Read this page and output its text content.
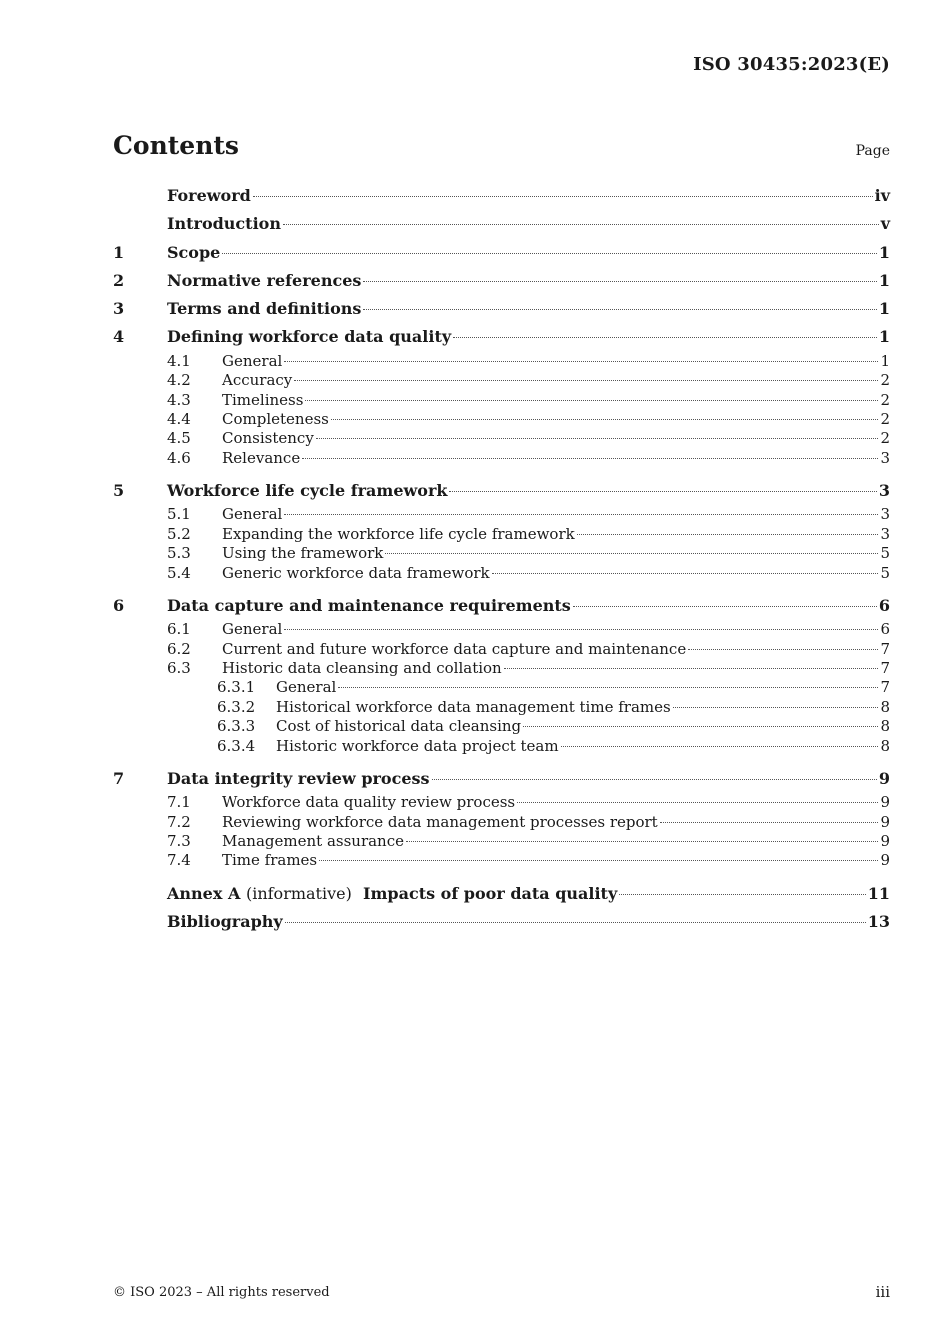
ISO 30435:2023(E)
Contents	Page
Foreword	iv
Introduction	v
1	Scope	1
2	Normative references	1
3	Terms and definitions	1
4	Defining workforce data quality	1
4.1	General	1
4.2	Accuracy	2
4.3	Timeliness	2
4.4	Completeness	2
4.5	Consistency	2
4.6	Relevance	3
5	Workforce life cycle framework	3
5.1	General	3
5.2	Expanding the workforce life cycle framework	3
5.3	Using the framework	5
5.4	Generic workforce data framework	5
6	Data capture and maintenance requirements	6
6.1	General	6
6.2	Current and future workforce data capture and maintenance	7
6.3	Historic data cleansing and collation	7
6.3.1	General	7
6.3.2	Historical workforce data management time frames	8
6.3.3	Cost of historical data cleansing	8
6.3.4	Historic workforce data project team	8
7	Data integrity review process	9
7.1	Workforce data quality review process	9
7.2	Reviewing workforce data management processes report	9
7.3	Management assurance	9
7.4	Time frames	9
Annex A (informative) Impacts of poor data quality	11
Bibliography	13
© ISO 2023 – All rights reserved	iii
